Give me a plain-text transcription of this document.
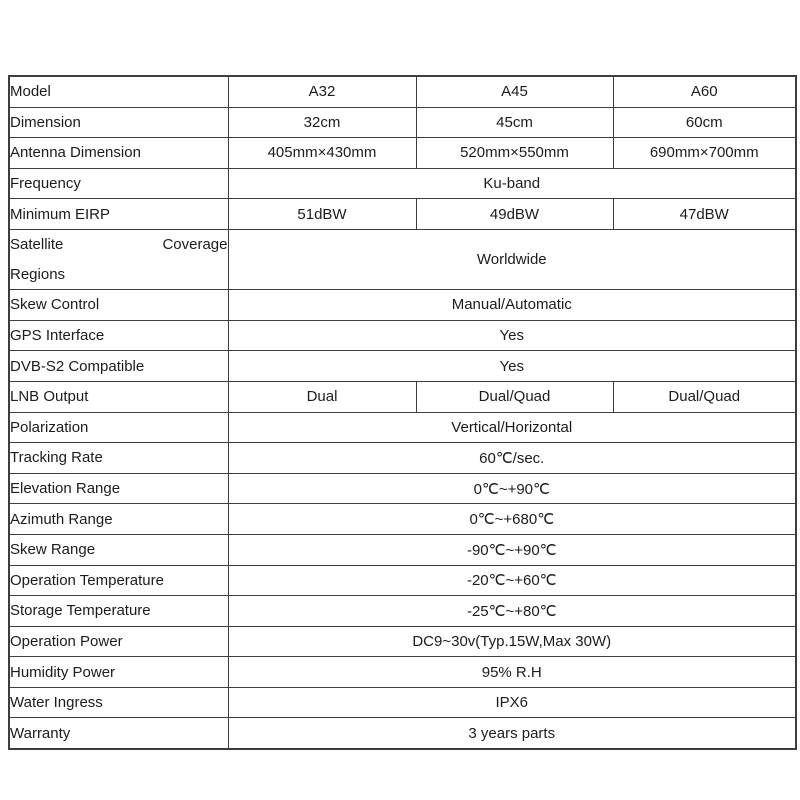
Model	A32	A45	A60
Dimension	32cm	45cm	60cm
Antenna Dimension	405mm×430mm	520mm×550mm	690mm×700mm
Frequency	Ku-band		
Minimum EIRP	51dBW	49dBW	47dBW

Satellite Coverage
Regions	Worldwide		
Skew Control	Manual/Automatic		
GPS Interface	Yes		
DVB-S2 Compatible	Yes		
LNB Output	Dual	Dual/Quad	Dual/Quad
Polarization	Vertical/Horizontal		
Tracking Rate	60℃/sec.		
Elevation Range	0℃~+90℃		
Azimuth Range	0℃~+680℃		
Skew Range	-90℃~+90℃		
Operation Temperature	-20℃~+60℃		
Storage Temperature	-25℃~+80℃		
Operation Power	DC9~30v(Typ.15W,Max 30W)		
Humidity Power	95% R.H		
Water Ingress	IPX6		
Warranty	3 years parts		
